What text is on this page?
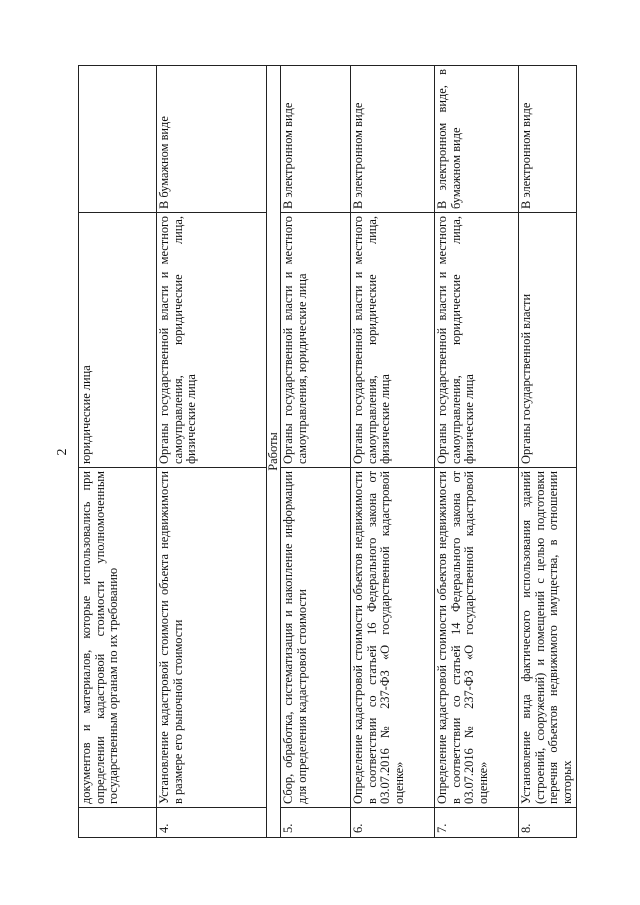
	документов и материалов, которые использовались при определении кадастровой стоимости уполномоченным государственным органам по их требованию	юридические лица	

4.	Установление кадастровой стоимости объекта недвижимости в размере его рыночной стоимости	Органы государственной власти и местного самоуправления, юридические лица, физические лица	В бумажном виде

Работы			
5.	Сбор, обработка, систематизация и накопление информации для определения кадастровой стоимости	Органы государственной власти и местного самоуправления, юридические лица	В электронном виде

6.	Определение кадастровой стоимости объектов недвижимости в соответствии со статьей 16 Федерального закона от 03.07.2016 № 237-ФЗ «О государственной кадастровой оценке»	Органы государственной власти и местного самоуправления, юридические лица, физические лица	В электронном виде

7.	Определение кадастровой стоимости объектов недвижимости в соответствии со статьей 14 Федерального закона от 03.07.2016 № 237-ФЗ «О государственной кадастровой оценке»	Органы государственной власти и местного самоуправления, юридические лица, физические лица	В электронном виде, в бумажном виде

8.	Установление вида фактического использования зданий (строений, сооружений) и помещений с целью подготовки перечня объектов недвижимого имущества, в отношении которых	Органы государственной власти	В электронном виде
2
